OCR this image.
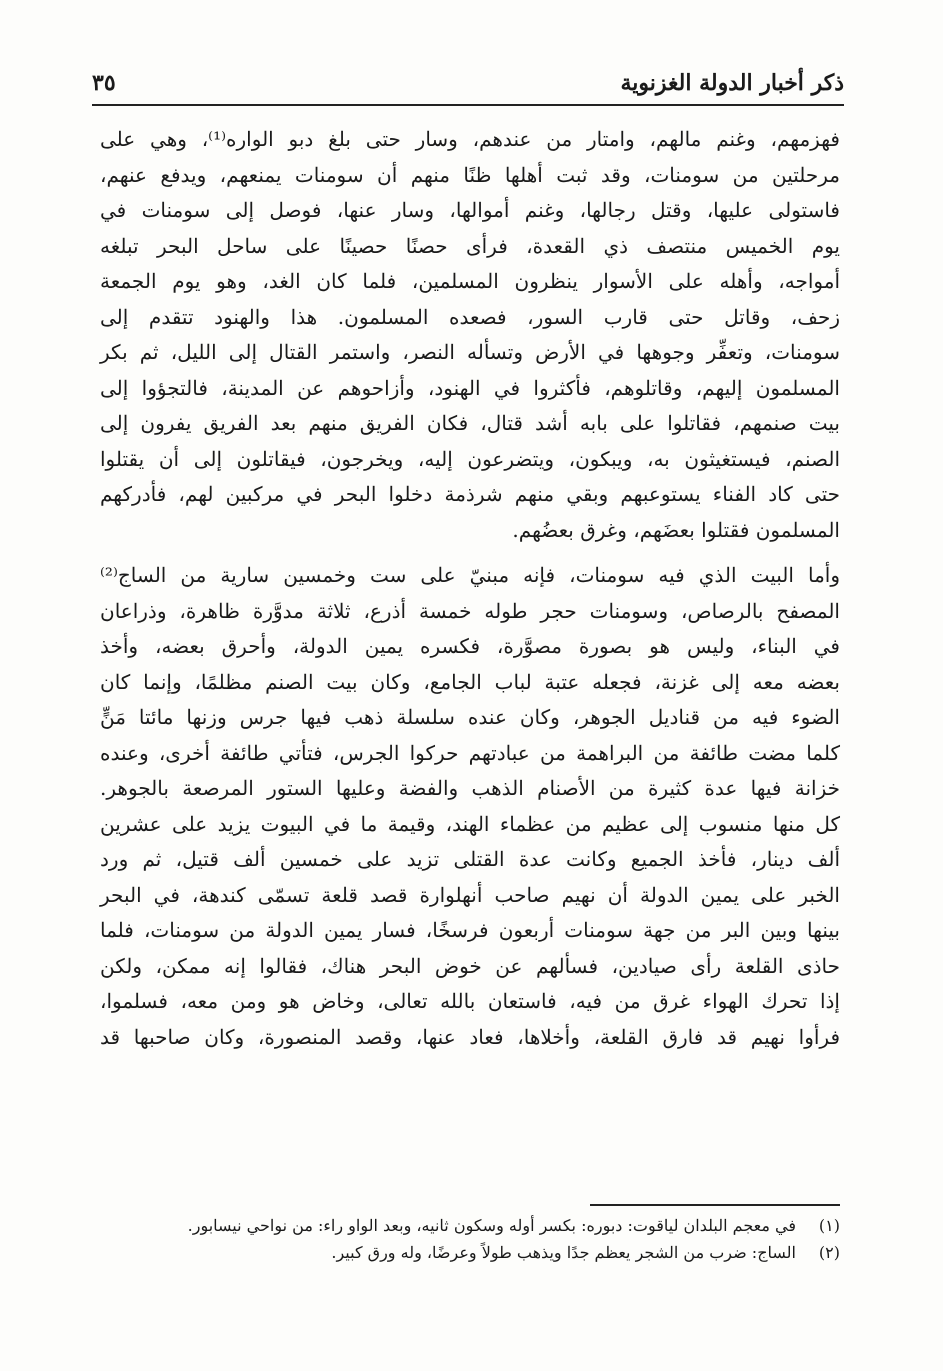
ذكر أخبار الدولة الغزنوية
٣٥

فهزمهم، وغنم مالهم، وامتار من عندهم، وسار حتى بلغ دبو الواره⁽¹⁾، وهي على

مرحلتين من سومنات، وقد ثبت أهلها ظنًا منهم أن سومنات يمنعهم، ويدفع عنهم،

فاستولى عليها، وقتل رجالها، وغنم أموالها، وسار عنها، فوصل إلى سومنات في

يوم الخميس منتصف ذي القعدة، فرأى حصنًا حصينًا على ساحل البحر تبلغه

أمواجه، وأهله على الأسوار ينظرون المسلمين، فلما كان الغد، وهو يوم الجمعة

زحف، وقاتل حتى قارب السور، فصعده المسلمون. هذا والهنود تتقدم إلى

سومنات، وتعفِّر وجوهها في الأرض وتسأله النصر، واستمر القتال إلى الليل، ثم بكر

المسلمون إليهم، وقاتلوهم، فأكثروا في الهنود، وأزاحوهم عن المدينة، فالتجؤوا إلى

بيت صنمهم، فقاتلوا على بابه أشد قتال، فكان الفريق منهم بعد الفريق يفرون إلى

الصنم، فيستغيثون به، ويبكون، ويتضرعون إليه، ويخرجون، فيقاتلون إلى أن يقتلوا

حتى كاد الفناء يستوعبهم وبقي منهم شرذمة دخلوا البحر في مركبين لهم، فأدركهم

المسلمون فقتلوا بعضَهم، وغرق بعضُهم.

وأما البيت الذي فيه سومنات، فإنه مبنيّ على ست وخمسين سارية من الساج⁽²⁾

المصفح بالرصاص، وسومنات حجر طوله خمسة أذرع، ثلاثة مدوَّرة ظاهرة، وذراعان

في البناء، وليس هو بصورة مصوَّرة، فكسره يمين الدولة، وأحرق بعضه، وأخذ

بعضه معه إلى غزنة، فجعله عتبة لباب الجامع، وكان بيت الصنم مظلمًا، وإنما كان

الضوء فيه من قناديل الجوهر، وكان عنده سلسلة ذهب فيها جرس وزنها مائتا مَنٍّ

كلما مضت طائفة من البراهمة من عبادتهم حركوا الجرس، فتأتي طائفة أخرى، وعنده

خزانة فيها عدة كثيرة من الأصنام الذهب والفضة وعليها الستور المرصعة بالجوهر.

كل منها منسوب إلى عظيم من عظماء الهند، وقيمة ما في البيوت يزيد على عشرين

ألف دينار، فأخذ الجميع وكانت عدة القتلى تزيد على خمسين ألف قتيل، ثم ورد

الخبر على يمين الدولة أن نهيم صاحب أنهلوارة قصد قلعة تسمّى كندهة، في البحر

بينها وبين البر من جهة سومنات أربعون فرسخًا، فسار يمين الدولة من سومنات، فلما

حاذى القلعة رأى صيادين، فسألهم عن خوض البحر هناك، فقالوا إنه ممكن، ولكن

إذا تحرك الهواء غرق من فيه، فاستعان بالله تعالى، وخاض هو ومن معه، فسلموا،

فرأوا نهيم قد فارق القلعة، وأخلاها، فعاد عنها، وقصد المنصورة، وكان صاحبها قد

(١)
في معجم البلدان لياقوت: دبوره: بكسر أوله وسكون ثانيه، وبعد الواو راء: من نواحي نيسابور.
(٢)
الساج: ضرب من الشجر يعظم جدًا ويذهب طولاً وعرضًا، وله ورق كبير.
